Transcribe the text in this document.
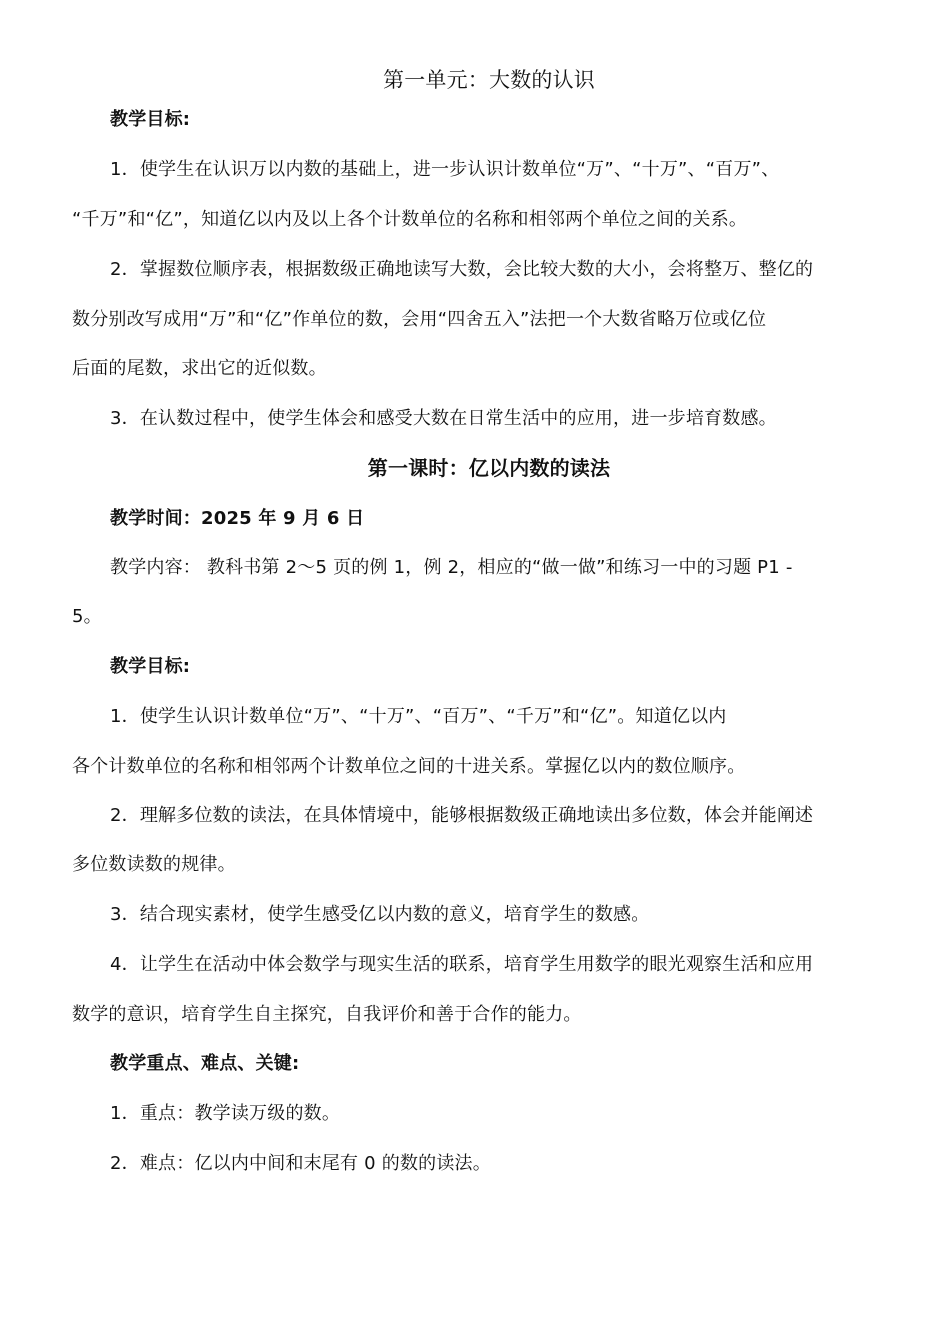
第一单元：大数的认识
教学目标:
1．使学生在认识万以内数的基础上，进一步认识计数单位“万”、“十万”、“百万”、
“千万”和“亿”，知道亿以内及以上各个计数单位的名称和相邻两个单位之间的关系。
2．掌握数位顺序表，根据数级正确地读写大数，会比较大数的大小，会将整万、整亿的
数分别改写成用“万”和“亿”作单位的数，会用“四舍五入”法把一个大数省略万位或亿位
后面的尾数，求出它的近似数。
3．在认数过程中，使学生体会和感受大数在日常生活中的应用，进一步培育数感。
第一课时：亿以内数的读法
教学时间：2025 年 9 月 6 日
教学内容： 教科书第 2～5 页的例 1，例 2，相应的“做一做”和练习一中的习题 P1 -
5。
教学目标:
1．使学生认识计数单位“万”、“十万”、“百万”、“千万”和“亿”。知道亿以内
各个计数单位的名称和相邻两个计数单位之间的十进关系。掌握亿以内的数位顺序。
2．理解多位数的读法，在具体情境中，能够根据数级正确地读出多位数，体会并能阐述
多位数读数的规律。
3．结合现实素材，使学生感受亿以内数的意义，培育学生的数感。
4．让学生在活动中体会数学与现实生活的联系，培育学生用数学的眼光观察生活和应用
数学的意识，培育学生自主探究，自我评价和善于合作的能力。
教学重点、难点、关键:
1．重点：教学读万级的数。
2．难点：亿以内中间和末尾有 0 的数的读法。
